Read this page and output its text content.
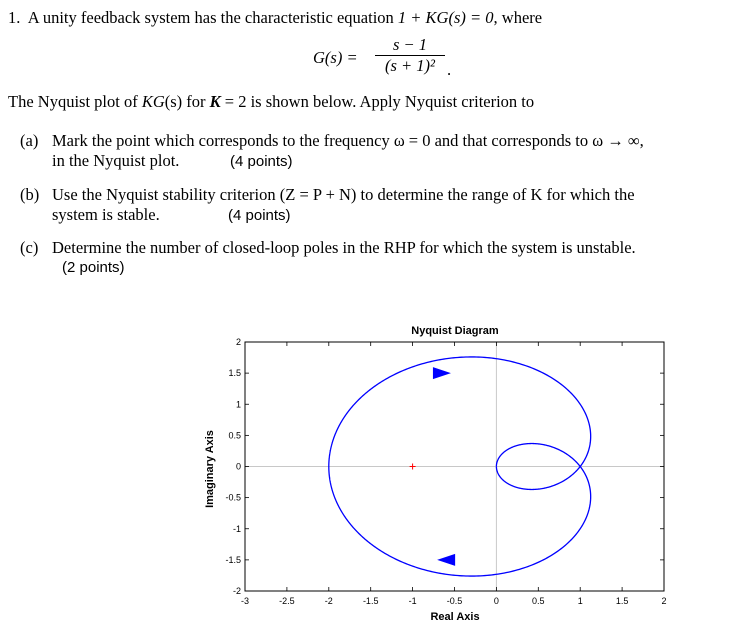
1. A unity feedback system has the characteristic equation 1 + KG(s) = 0, where
G(s) =
s − 1
(s + 1)² .
The Nyquist plot of KG(s) for K = 2 is shown below. Apply Nyquist criterion to
(a) Mark the point which corresponds to the frequency ω = 0 and that corresponds to ω → ∞,
in the Nyquist plot.	(4 points)
(b) Use the Nyquist stability criterion (Z = P + N) to determine the range of K for which the
system is stable.	(4 points)
(c) Determine the number of closed-loop poles in the RHP for which the system is unstable.
(2 points)
Nyquist Diagram
Real Axis
Imaginary Axis
-3	-2.5	-2	-1.5	-1	-0.5	0	0.5	1	1.5	2
-2
-1.5
-1
-0.5
0
0.5
1
1.5
2
